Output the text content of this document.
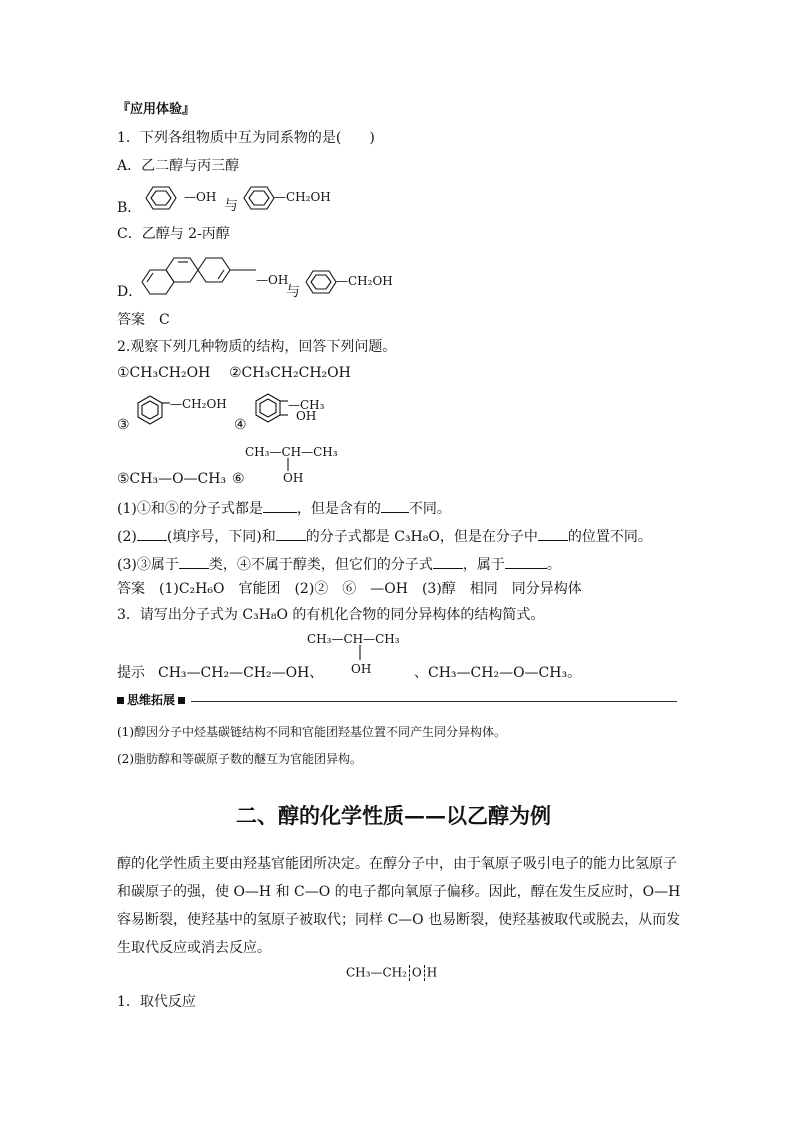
『应用体验』
1．下列各组物质中互为同系物的是(　　)
A．乙二醇与丙三醇
B．
—OH
与
—CH₂OH
C．乙醇与 2-丙醇
D．
—OH
与
—CH₂OH
答案　C
2.观察下列几种物质的结构，回答下列问题。
①CH₃CH₂OH ②CH₃CH₂CH₂OH
③
—CH₂OH
④
—CH₃
OH
⑤CH₃—O—CH₃ ⑥
CH₃—CH—CH₃
OH
(1)①和⑤的分子式都是 ，但是含有的 不同。
(2) (填序号，下同)和 的分子式都是 C₃H₈O，但是在分子中 的位置不同。
(3)③属于 类，④不属于醇类，但它们的分子式 ，属于	。
答案　(1)C₂H₆O　官能团　(2)②　⑥　—OH　(3)醇　相同　同分异构体
3．请写出分子式为 C₃H₈O 的有机化合物的同分异构体的结构简式。
CH₃—CH—CH₃
OH
提示 CH₃—CH₂—CH₂—OH、	、CH₃—CH₂—O—CH₃。
思维拓展
(1)醇因分子中烃基碳链结构不同和官能团羟基位置不同产生同分异构体。
(2)脂肪醇和等碳原子数的醚互为官能团异构。
二、醇的化学性质——以乙醇为例
醇的化学性质主要由羟基官能团所决定。在醇分子中，由于氧原子吸引电子的能力比氢原子
和碳原子的强，使 O—H 和 C—O 的电子都向氧原子偏移。因此，醇在发生反应时，O—H
容易断裂，使羟基中的氢原子被取代；同样 C—O 也易断裂，使羟基被取代或脱去，从而发
生取代反应或消去反应。
CH₃—CH₂ O H
1．取代反应
